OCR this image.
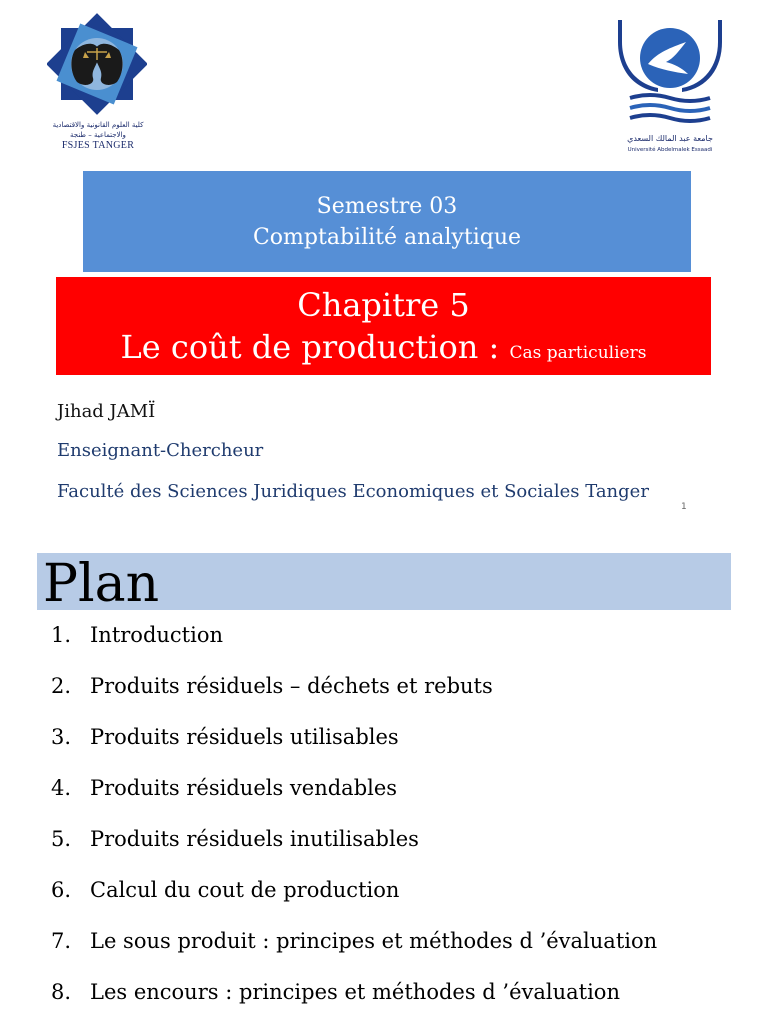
كلية العلوم القانونية والاقتصادية والاجتماعية – طنجة
FSJES TANGER
جامعة عبد المالك السعدي
Université Abdelmalek Essaadi
Semestre 03
Comptabilité analytique
Chapitre 5
Le coût de production : Cas particuliers
Jihad JAMÏ
Enseignant-Chercheur
Faculté des Sciences Juridiques Economiques et Sociales Tanger
1
Plan
1. Introduction
2. Produits résiduels – déchets et rebuts
3. Produits résiduels utilisables
4. Produits résiduels vendables
5. Produits résiduels inutilisables
6. Calcul du cout de production
7. Le sous produit : principes et méthodes d ’évaluation
8. Les encours : principes et méthodes d ’évaluation
